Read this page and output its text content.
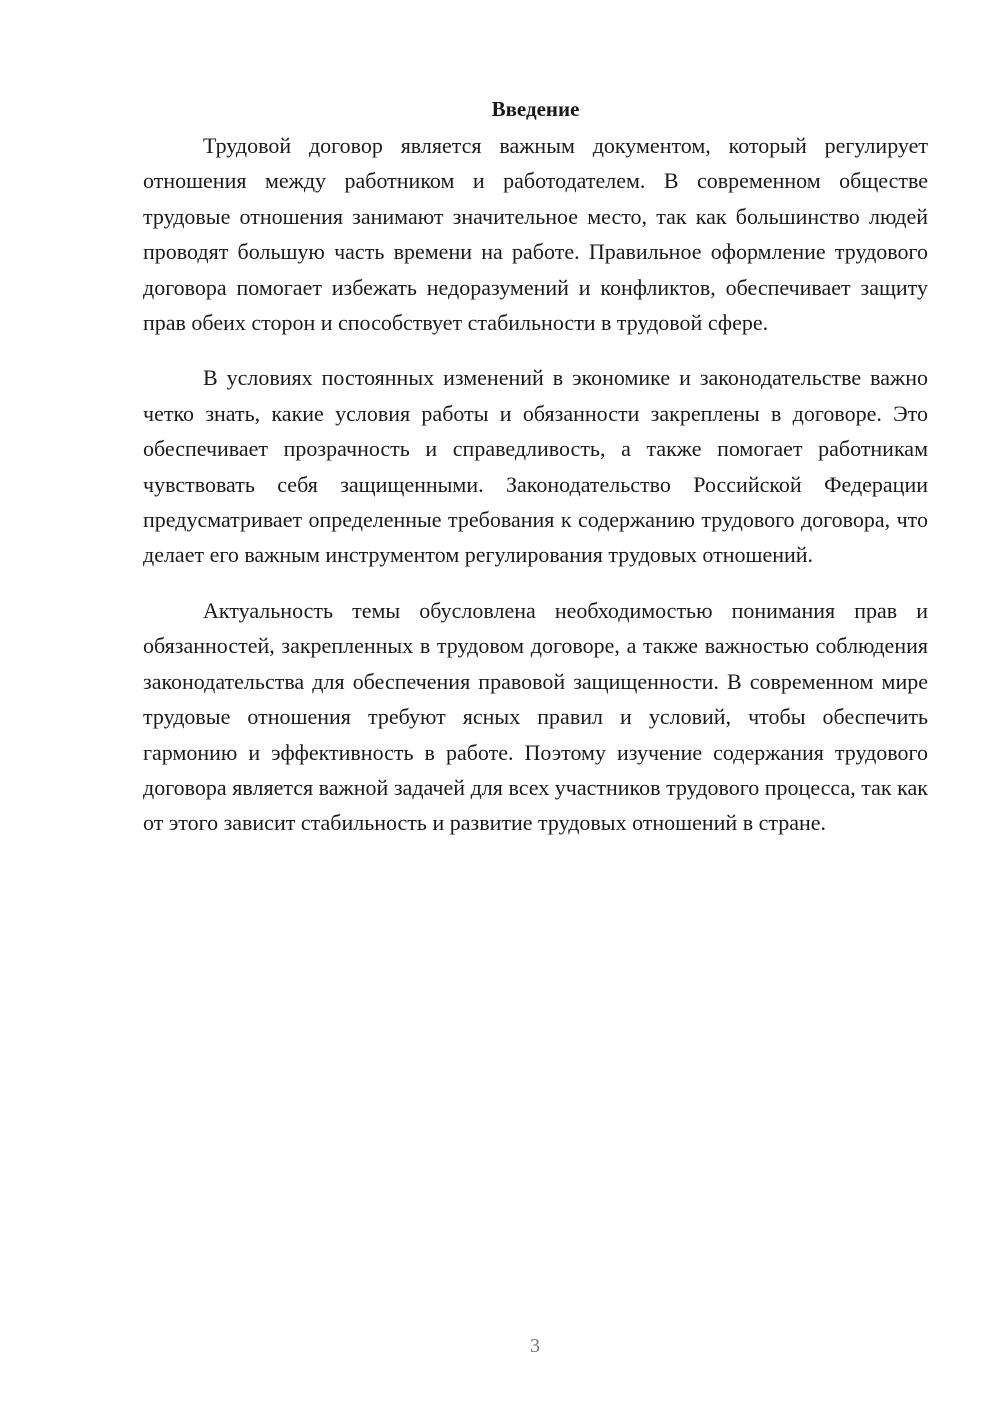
Введение

Трудовой договор является важным документом, который регулирует отношения между работником и работодателем. В современном обществе трудовые отношения занимают значительное место, так как большинство людей проводят большую часть времени на работе. Правильное оформление трудового договора помогает избежать недоразумений и конфликтов, обеспечивает защиту прав обеих сторон и способствует стабильности в трудовой сфере.

В условиях постоянных изменений в экономике и законодательстве важно четко знать, какие условия работы и обязанности закреплены в договоре. Это обеспечивает прозрачность и справедливость, а также помогает работникам чувствовать себя защищенными. Законодательство Российской Федерации предусматривает определенные требования к содержанию трудового договора, что делает его важным инструментом регулирования трудовых отношений.

Актуальность темы обусловлена необходимостью понимания прав и обязанностей, закрепленных в трудовом договоре, а также важностью соблюдения законодательства для обеспечения правовой защищенности. В современном мире трудовые отношения требуют ясных правил и условий, чтобы обеспечить гармонию и эффективность в работе. Поэтому изучение содержания трудового договора является важной задачей для всех участников трудового процесса, так как от этого зависит стабильность и развитие трудовых отношений в стране.

3
